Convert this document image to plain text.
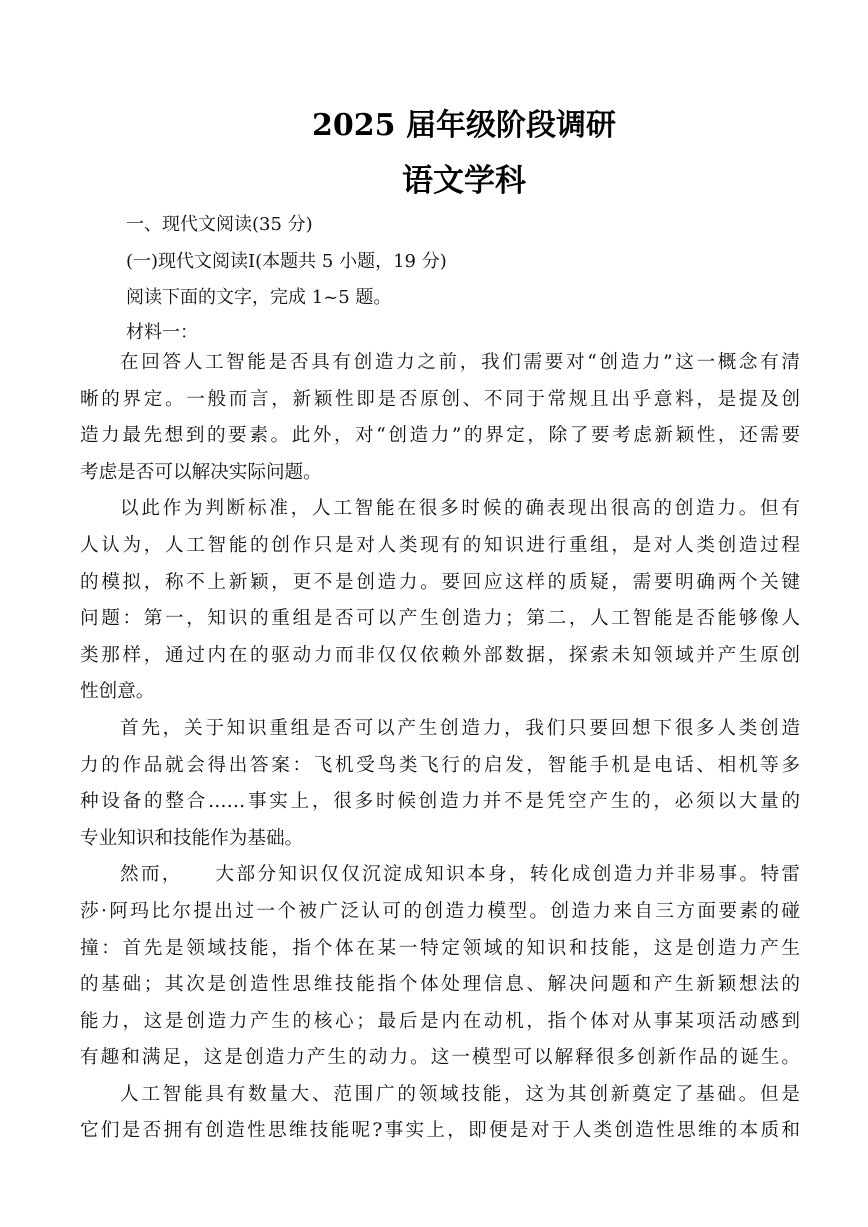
2025 届年级阶段调研
语文学科
一、现代文阅读(35 分)
(一)现代文阅读I(本题共 5 小题，19 分)
阅读下面的文字，完成 1~5 题。
材料一：
在回答人工智能是否具有创造力之前，我们需要对“创造力”这一概念有清
晰的界定。一般而言，新颖性即是否原创、不同于常规且出乎意料，是提及创
造力最先想到的要素。此外，对“创造力”的界定，除了要考虑新颖性，还需要
考虑是否可以解决实际问题。
以此作为判断标准，人工智能在很多时候的确表现出很高的创造力。但有
人认为，人工智能的创作只是对人类现有的知识进行重组，是对人类创造过程
的模拟，称不上新颖，更不是创造力。要回应这样的质疑，需要明确两个关键
问题：第一，知识的重组是否可以产生创造力；第二，人工智能是否能够像人
类那样，通过内在的驱动力而非仅仅依赖外部数据，探索未知领域并产生原创
性创意。
首先，关于知识重组是否可以产生创造力，我们只要回想下很多人类创造
力的作品就会得出答案：飞机受鸟类飞行的启发，智能手机是电话、相机等多
种设备的整合……事实上，很多时候创造力并不是凭空产生的，必须以大量的
专业知识和技能作为基础。
然而，　　大部分知识仅仅沉淀成知识本身，转化成创造力并非易事。特雷
莎·阿玛比尔提出过一个被广泛认可的创造力模型。创造力来自三方面要素的碰
撞：首先是领域技能，指个体在某一特定领域的知识和技能，这是创造力产生
的基础；其次是创造性思维技能指个体处理信息、解决问题和产生新颖想法的
能力，这是创造力产生的核心；最后是内在动机，指个体对从事某项活动感到
有趣和满足，这是创造力产生的动力。这一模型可以解释很多创新作品的诞生。
人工智能具有数量大、范围广的领域技能，这为其创新奠定了基础。但是
它们是否拥有创造性思维技能呢?事实上，即便是对于人类创造性思维的本质和
